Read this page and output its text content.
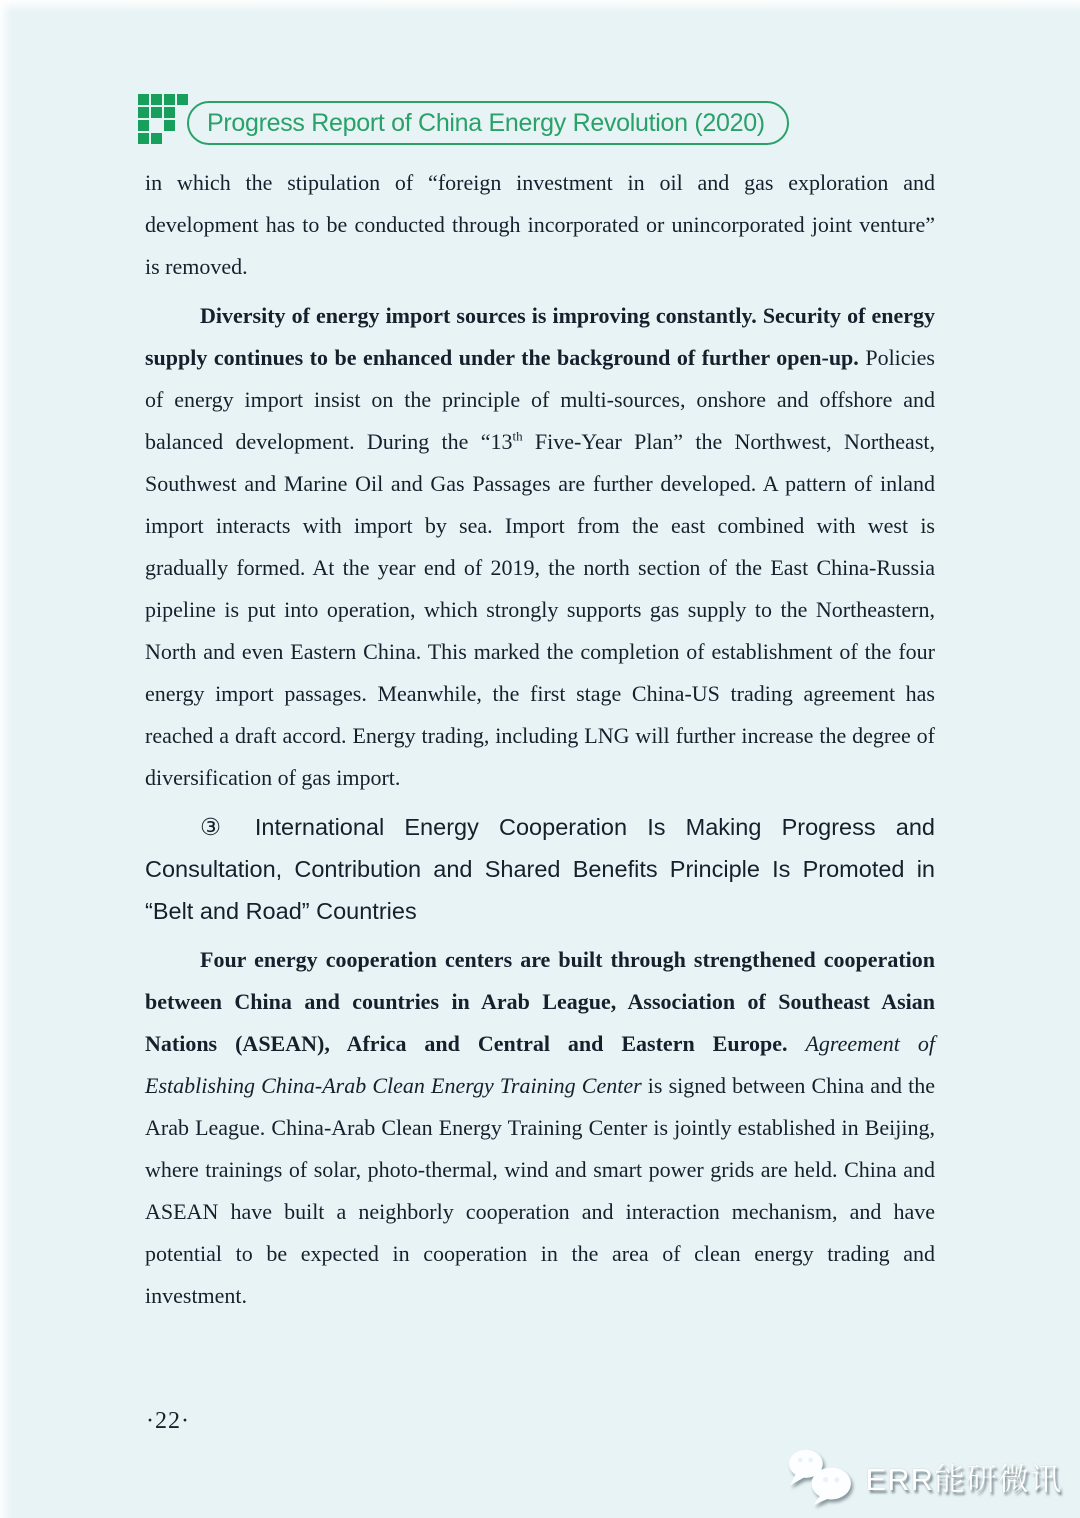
Progress Report of China Energy Revolution (2020)

in which the stipulation of “foreign investment in oil and gas exploration and development has to be conducted through incorporated or unincorporated joint venture” is removed.

Diversity of energy import sources is improving constantly. Security of energy supply continues to be enhanced under the background of further open-up. Policies of energy import insist on the principle of multi-sources, onshore and offshore and balanced development. During the “13th Five-Year Plan” the Northwest, Northeast, Southwest and Marine Oil and Gas Passages are further developed. A pattern of inland import interacts with import by sea. Import from the east combined with west is gradually formed. At the year end of 2019, the north section of the East China-Russia pipeline is put into operation, which strongly supports gas supply to the Northeastern, North and even Eastern China. This marked the completion of establishment of the four energy import passages. Meanwhile, the first stage China-US trading agreement has reached a draft accord. Energy trading, including LNG will further increase the degree of diversification of gas import.

③ International Energy Cooperation Is Making Progress and Consultation, Contribution and Shared Benefits Principle Is Promoted in “Belt and Road” Countries

Four energy cooperation centers are built through strengthened cooperation between China and countries in Arab League, Association of Southeast Asian Nations (ASEAN), Africa and Central and Eastern Europe. Agreement of Establishing China-Arab Clean Energy Training Center is signed between China and the Arab League. China-Arab Clean Energy Training Center is jointly established in Beijing, where trainings of solar, photo-thermal, wind and smart power grids are held. China and ASEAN have built a neighborly cooperation and interaction mechanism, and have potential to be expected in cooperation in the area of clean energy trading and investment.

·22·
ERR能研微讯
